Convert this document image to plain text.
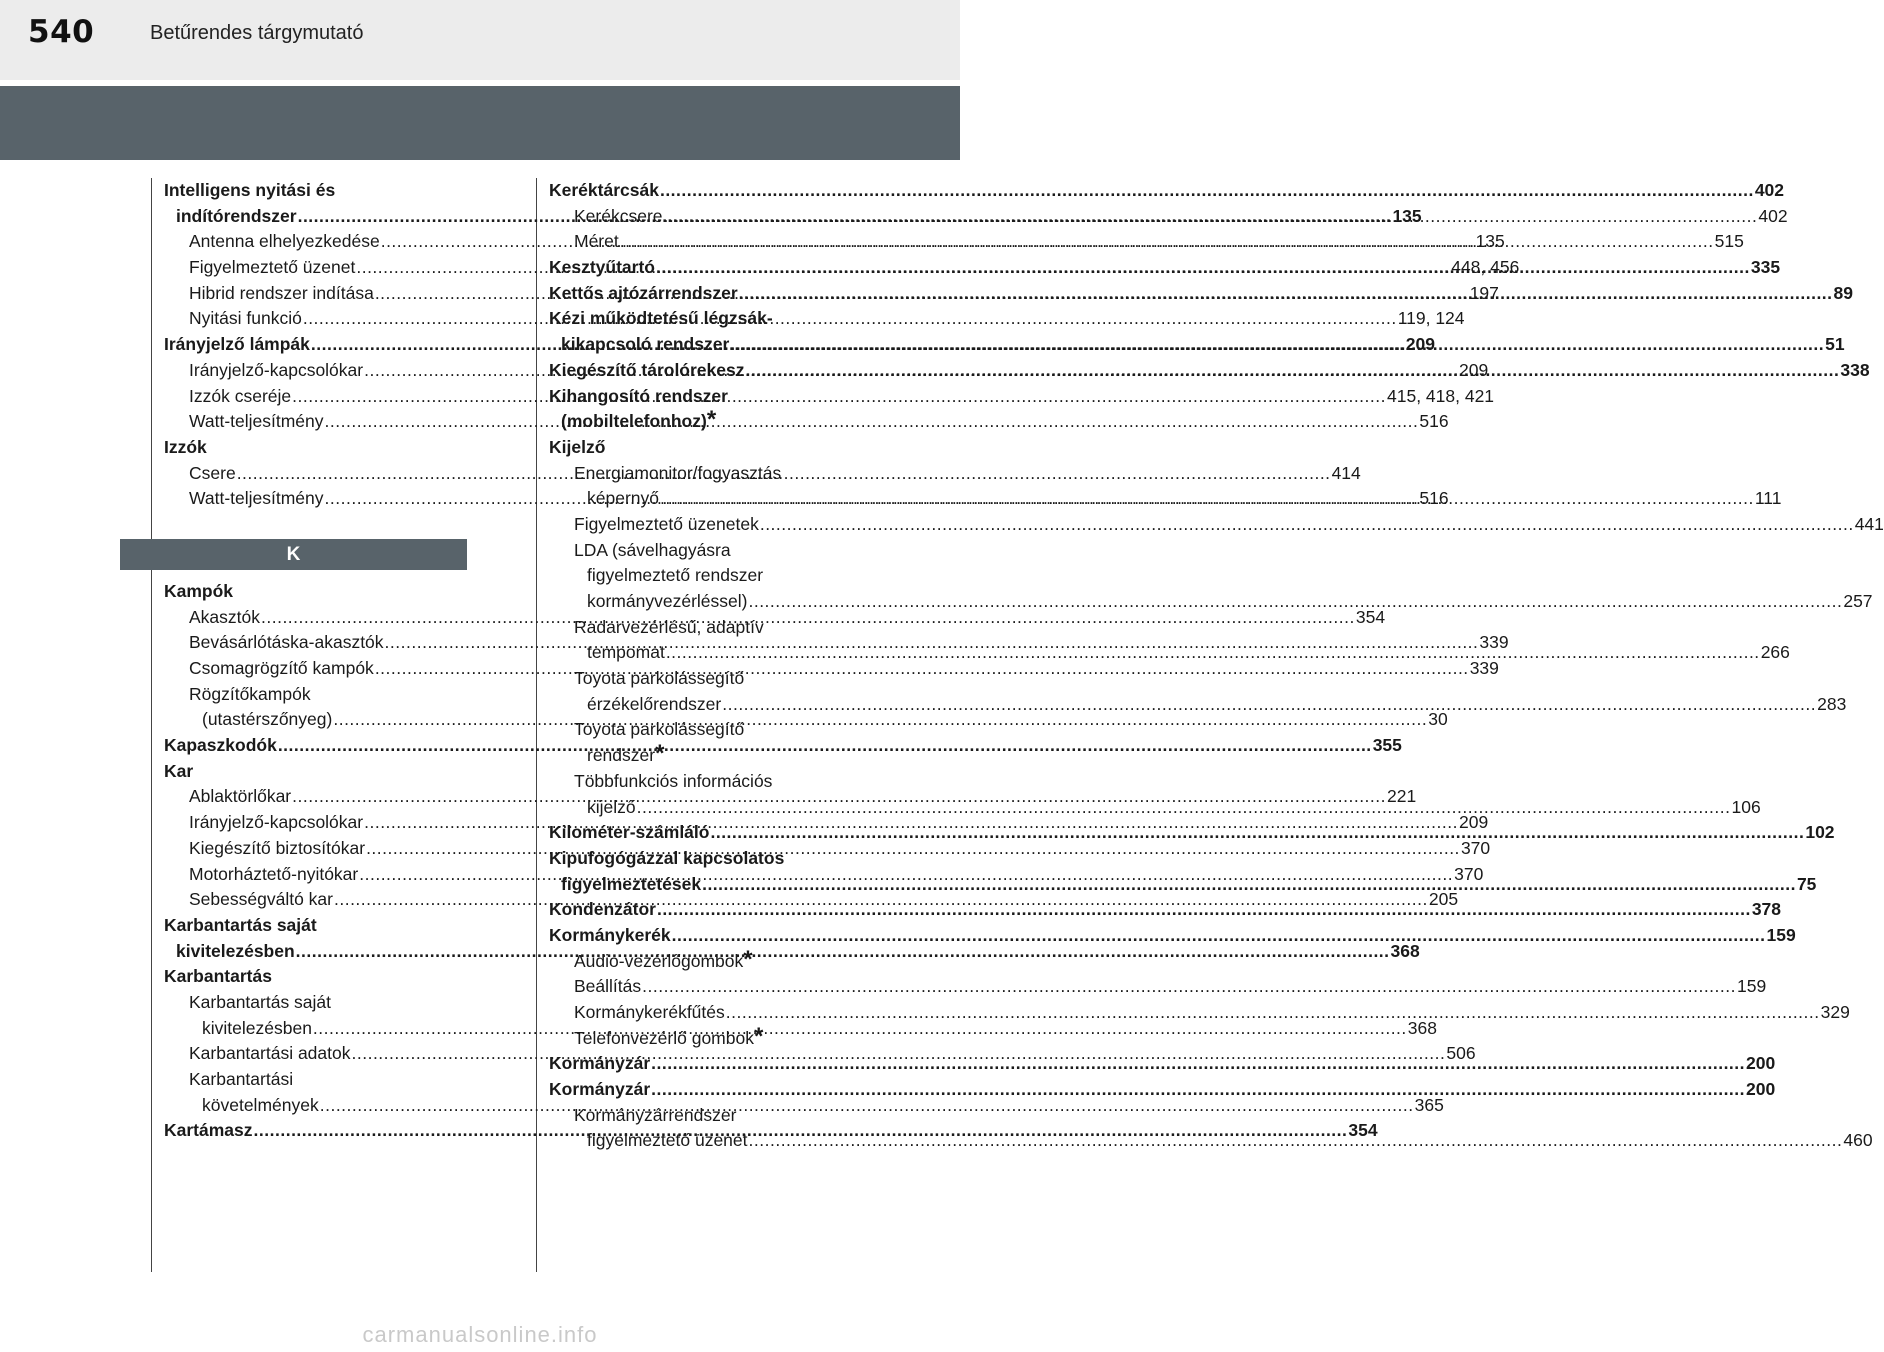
540	Betűrendes tárgymutató
Intelligens nyitási és
indítórendszer .....	135
Antenna elhelyezkedése .....	135
Figyelmeztető üzenet .....	448, 456
Hibrid rendszer indítása .....	197
Nyitási funkció .....	119, 124
Irányjelző lámpák .....	209
Irányjelző-kapcsolókar .....	209
Izzók cseréje .....	415, 418, 421
Watt-teljesítmény .....	516
Izzók
Csere .....	414
Watt-teljesítmény .....	516
K
Kampók
Akasztók .....	354
Bevásárlótáska-akasztók .....	339
Csomagrögzítő kampók .....	339
Rögzítőkampók
(utastérszőnyeg) .....	30
Kapaszkodók .....	355
Kar
Ablaktörlőkar .....	221
Irányjelző-kapcsolókar .....	209
Kiegészítő biztosítókar .....	370
Motorháztető-nyitókar .....	370
Sebességváltó kar .....	205
Karbantartás saját
kivitelezésben .....	368
Karbantartás
Karbantartás saját
kivitelezésben .....	368
Karbantartási adatok .....	506
Karbantartási
követelmények .....	365
Kartámasz .....	354
Keréktárcsák .....	402
Kerékcsere .....	402
Méret .....	515
Kesztyűtartó .....	335
Kettős ajtózárrendszer .....	89
Kézi működtetésű légzsák-
kikapcsoló rendszer .....	51
Kiegészítő tárolórekesz .....	338
Kihangosító rendszer
(mobiltelefonhoz) *
Kijelző
Energiamonitor/fogyasztás
képernyő .....	111
Figyelmeztető üzenetek .....	441
LDA (sávelhagyásra
figyelmeztető rendszer
kormányvezérléssel) .....	257
Radarvezérlésű, adaptív
tempomat .....	266
Toyota parkolássegítő
érzékelőrendszer .....	283
Toyota parkolássegítő
rendszer *
Többfunkciós információs
kijelző .....	106
Kilométer-számláló .....	102
Kipufogógázzal kapcsolatos
figyelmeztetések .....	75
Kondenzátor .....	378
Kormánykerék .....	159
Audio-vezérlőgombok *
Beállítás .....	159
Kormánykerékfűtés .....	329
Telefonvezérlő gombok *
Kormányzár .....	200
Kormányzár .....	200
Kormányzárrendszer
figyelmeztető üzenet .....	460
carmanualsonline.info
